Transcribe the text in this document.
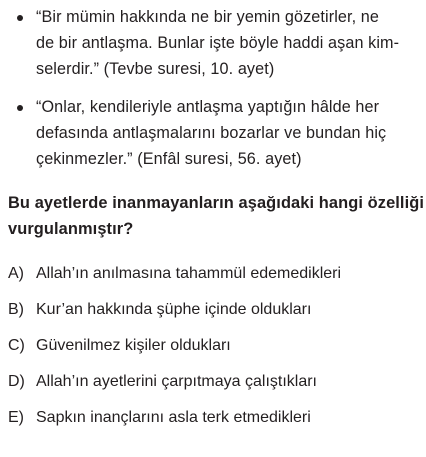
“Bir mümin hakkında ne bir yemin gözetirler, ne
de bir antlaşma. Bunlar işte böyle haddi aşan kim-
selerdir.” (Tevbe suresi, 10. ayet)
“Onlar, kendileriyle antlaşma yaptığın hâlde her
defasında antlaşmalarını bozarlar ve bundan hiç
çekinmezler.” (Enfâl suresi, 56. ayet)
Bu ayetlerde inanmayanların aşağıdaki hangi özelliği
vurgulanmıştır?
A) Allah’ın anılmasına tahammül edemedikleri
B) Kur’an hakkında şüphe içinde oldukları
C) Güvenilmez kişiler oldukları
D) Allah’ın ayetlerini çarpıtmaya çalıştıkları
E) Sapkın inançlarını asla terk etmedikleri
